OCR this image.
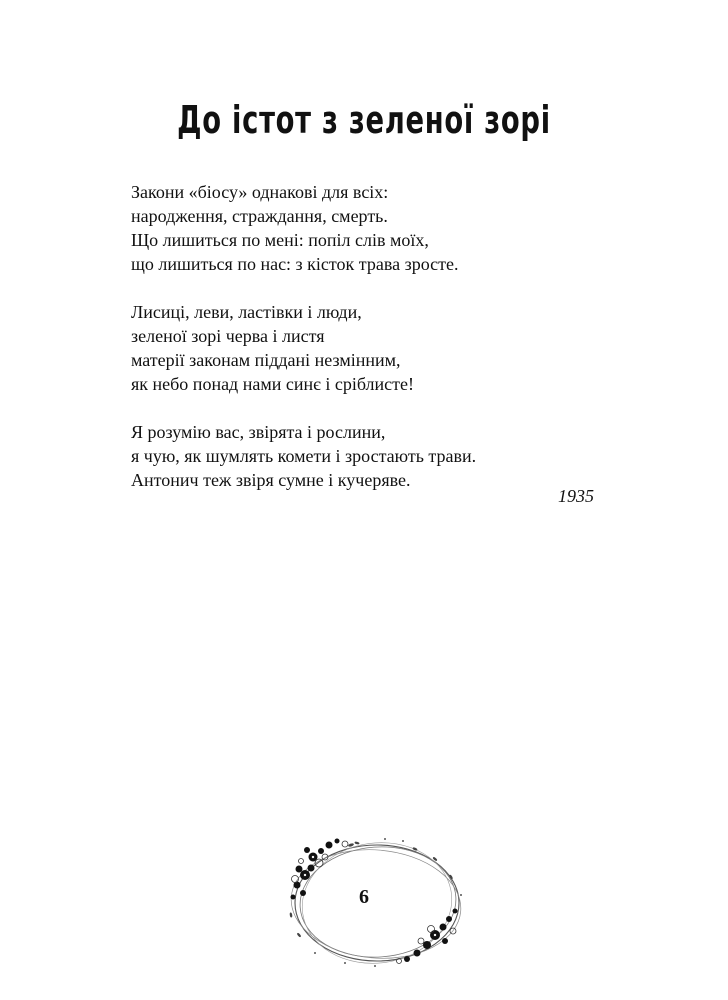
До істот з зеленої зорі

Закони «біосу» однакові для всіх:
народження, страждання, смерть.
Що лишиться по мені: попіл слів моїх,
що лишиться по нас: з кісток трава зросте.

Лисиці, леви, ластівки і люди,
зеленої зорі черва і листя
матерії законам піддані незмінним,
як небо понад нами синє і сріблисте!

Я розумію вас, звірята і рослини,
я чую, як шумлять комети і зростають трави.
Антонич теж звіря сумне і кучеряве.

1935
6
